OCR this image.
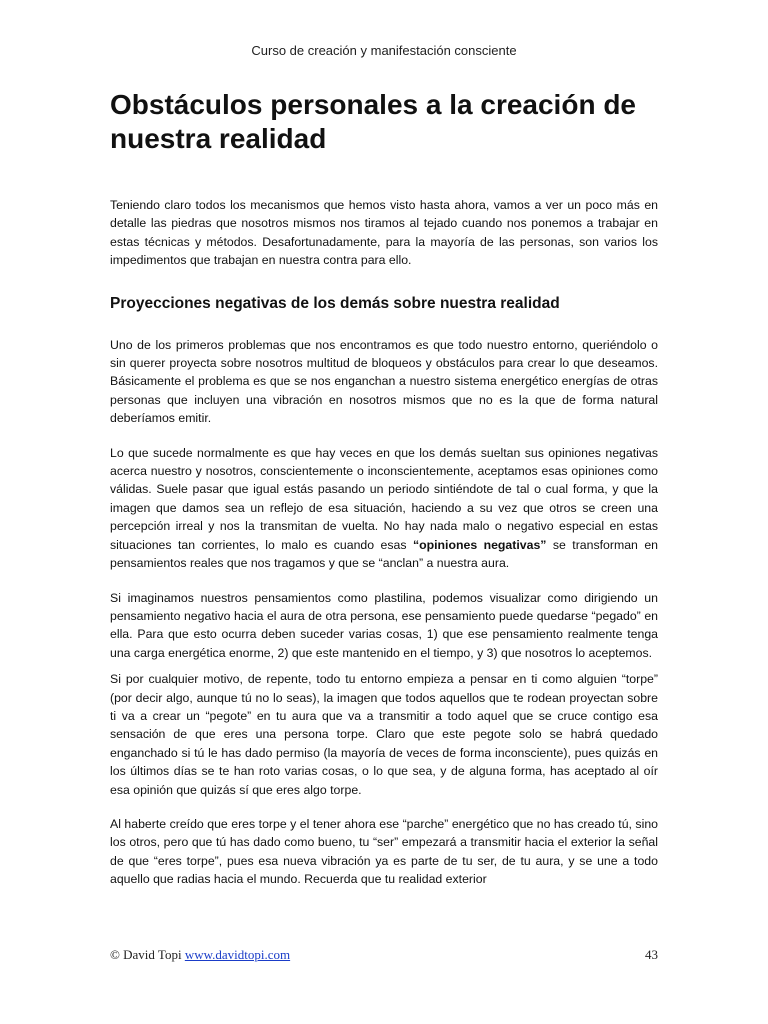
Curso de creación y manifestación consciente
Obstáculos personales a la creación de nuestra realidad

Teniendo claro todos los mecanismos que hemos visto hasta ahora, vamos a ver un poco más en detalle las piedras que nosotros mismos nos tiramos al tejado cuando nos ponemos a trabajar en estas técnicas y métodos. Desafortunadamente, para la mayoría de las personas, son varios los impedimentos que trabajan en nuestra contra para ello.

Proyecciones negativas de los demás sobre nuestra realidad

Uno de los primeros problemas que nos encontramos es que todo nuestro entorno, queriéndolo o sin querer proyecta sobre nosotros multitud de bloqueos y obstáculos para crear lo que deseamos. Básicamente el problema es que se nos enganchan a nuestro sistema energético energías de otras personas que incluyen una vibración en nosotros mismos que no es la que de forma natural deberíamos emitir.

Lo que sucede normalmente es que hay veces en que los demás sueltan sus opiniones negativas acerca nuestro y nosotros, conscientemente o inconscientemente, aceptamos esas opiniones como válidas. Suele pasar que igual estás pasando un periodo sintiéndote de tal o cual forma, y que la imagen que damos sea un reflejo de esa situación, haciendo a su vez que otros se creen una percepción irreal y nos la transmitan de vuelta. No hay nada malo o negativo especial en estas situaciones tan corrientes, lo malo es cuando esas “opiniones negativas” se transforman en pensamientos reales que nos tragamos y que se “anclan” a nuestra aura.

Si imaginamos nuestros pensamientos como plastilina, podemos visualizar como dirigiendo un pensamiento negativo hacia el aura de otra persona, ese pensamiento puede quedarse “pegado” en ella. Para que esto ocurra deben suceder varias cosas, 1) que ese pensamiento realmente tenga una carga energética enorme, 2) que este mantenido en el tiempo, y 3) que nosotros lo aceptemos.

Si por cualquier motivo, de repente, todo tu entorno empieza a pensar en ti como alguien “torpe” (por decir algo, aunque tú no lo seas), la imagen que todos aquellos que te rodean proyectan sobre ti va a crear un “pegote” en tu aura que va a transmitir a todo aquel que se cruce contigo esa sensación de que eres una persona torpe. Claro que este pegote solo se habrá quedado enganchado si tú le has dado permiso (la mayoría de veces de forma inconsciente), pues quizás en los últimos días se te han roto varias cosas, o lo que sea, y de alguna forma, has aceptado al oír esa opinión que quizás sí que eres algo torpe.

Al haberte creído que eres torpe y el tener ahora ese “parche” energético que no has creado tú, sino los otros, pero que tú has dado como bueno, tu “ser” empezará a transmitir hacia el exterior la señal de que “eres torpe”, pues esa nueva vibración ya es parte de tu ser, de tu aura, y se une a todo aquello que radias hacia el mundo. Recuerda que tu realidad exterior

© David Topi www.davidtopi.com	43
